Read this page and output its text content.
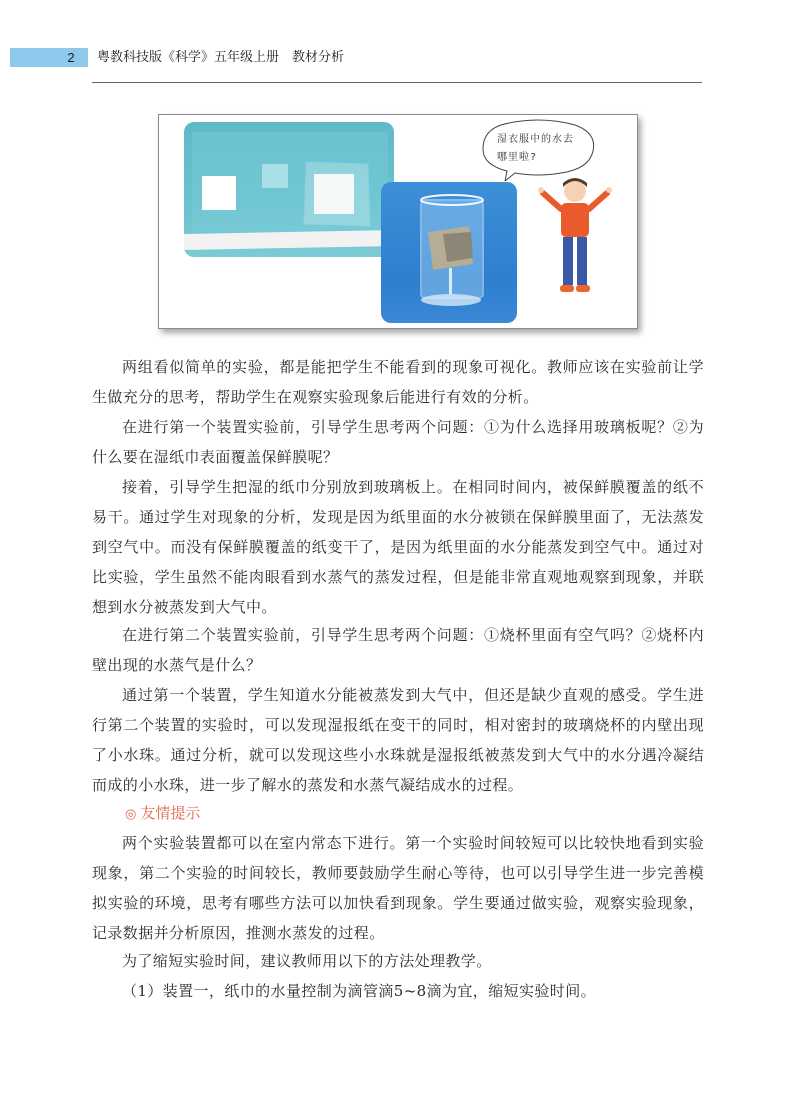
2	粤教科技版《科学》五年级上册　教材分析
湿衣服中的水去
哪里啦?

两组看似简单的实验，都是能把学生不能看到的现象可视化。教师应该在实验前让学生做充分的思考，帮助学生在观察实验现象后能进行有效的分析。

在进行第一个装置实验前，引导学生思考两个问题：①为什么选择用玻璃板呢？②为什么要在湿纸巾表面覆盖保鲜膜呢？

接着，引导学生把湿的纸巾分别放到玻璃板上。在相同时间内，被保鲜膜覆盖的纸不易干。通过学生对现象的分析，发现是因为纸里面的水分被锁在保鲜膜里面了，无法蒸发到空气中。而没有保鲜膜覆盖的纸变干了，是因为纸里面的水分能蒸发到空气中。通过对比实验，学生虽然不能肉眼看到水蒸气的蒸发过程，但是能非常直观地观察到现象，并联想到水分被蒸发到大气中。

在进行第二个装置实验前，引导学生思考两个问题：①烧杯里面有空气吗？②烧杯内壁出现的水蒸气是什么？

通过第一个装置，学生知道水分能被蒸发到大气中，但还是缺少直观的感受。学生进行第二个装置的实验时，可以发现湿报纸在变干的同时，相对密封的玻璃烧杯的内壁出现了小水珠。通过分析，就可以发现这些小水珠就是湿报纸被蒸发到大气中的水分遇冷凝结而成的小水珠，进一步了解水的蒸发和水蒸气凝结成水的过程。

◎ 友情提示

两个实验装置都可以在室内常态下进行。第一个实验时间较短可以比较快地看到实验现象，第二个实验的时间较长，教师要鼓励学生耐心等待，也可以引导学生进一步完善模拟实验的环境，思考有哪些方法可以加快看到现象。学生要通过做实验，观察实验现象，记录数据并分析原因，推测水蒸发的过程。

为了缩短实验时间，建议教师用以下的方法处理教学。

（1）装置一，纸巾的水量控制为滴管滴5~8滴为宜，缩短实验时间。
